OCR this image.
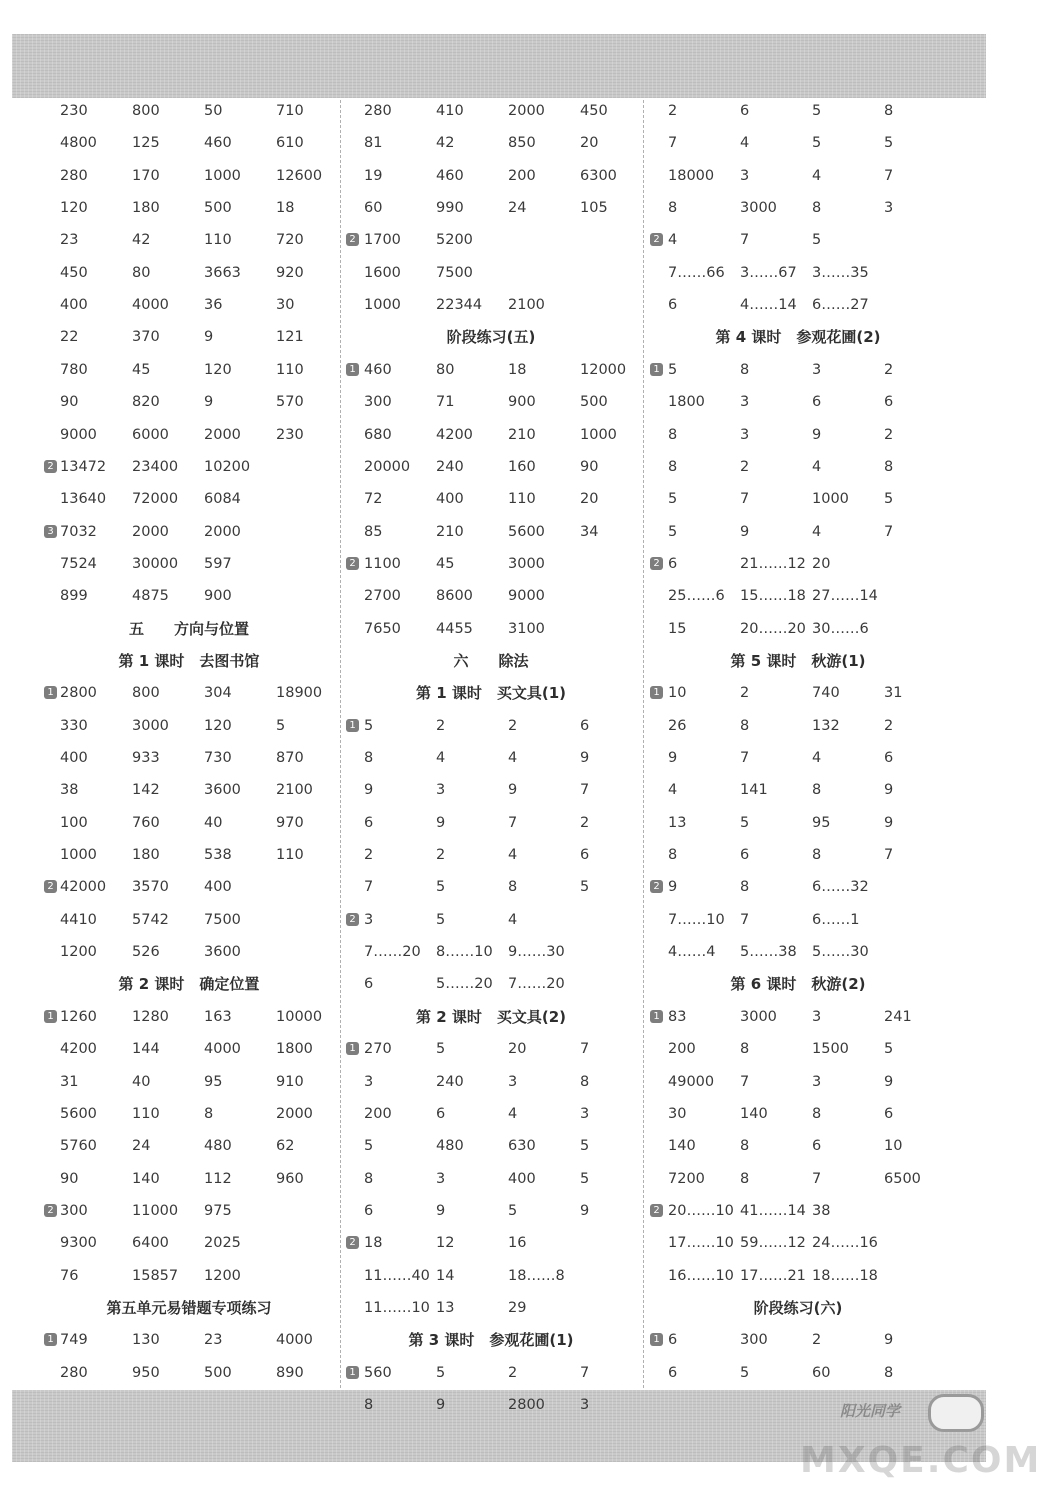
阳光同学
MXQE.COM
230	800	50	710
4800 125	460	610
280	170	1000 12600
120	180	500	18
23	42	110	720
450	80	3663 920
400	4000 36	30
22	370	9	121
780	45	120	110
90	820	9	570
9000 6000 2000 230
2 13472 23400 10200
13640 72000 6084
3 7032 2000 2000
7524 30000 597
899	4875 900
五　　方向与位置
第 1 课时　去图书馆
1 2800 800	304	18900
330	3000 120	5
400	933	730	870
38	142	3600 2100
100	760	40	970
1000 180	538	110
2 42000 3570 400
4410 5742 7500
1200 526	3600
第 2 课时　确定位置
1 1260 1280 163	10000
4200 144	4000 1800
31	40	95	910
5600 110	8	2000
5760 24	480	62
90	140	112	960
2 300	11000 975
9300 6400 2025
76	15857 1200
第五单元易错题专项练习
1 749	130	23	4000
280	950	500	890
280	410	2000 450
81	42	850	20
19	460	200	6300
60	990	24	105
2 1700 5200
1600 7500
1000 22344 2100
阶段练习(五)
1 460	80	18	12000
300	71	900	500
680	4200 210	1000
20000 240	160	90
72	400	110	20
85	210	5600 34
2 1100 45	3000
2700 8600 9000
7650 4455 3100
六　　除法
第 1 课时　买文具(1)
1 5	2	2	6
8	4	4	9
9	3	9	7
6	9	7	2
2	2	4	6
7	5	8	5
2 3	5	4
7……20 8……10 9……30
6	5……20 7……20
第 2 课时　买文具(2)
1 270	5	20	7
3	240	3	8
200	6	4	3
5	480	630	5
8	3	400	5
6	9	5	9
2 18	12	16
11……40 14	18……8
11……10 13	29
第 3 课时　参观花圃(1)
1 560	5	2	7
8	9	2800 3
2	6	5	8
7	4	5	5
18000 3	4	7
8	3000 8	3
2 4	7	5
7……66 3……67 3……35
6	4……14 6……27
第 4 课时　参观花圃(2)
1 5	8	3	2
1800 3	6	6
8	3	9	2
8	2	4	8
5	7	1000 5
5	9	4	7
2 6	21……12 20
25……6 15……18 27……14
15	20……20 30……6
第 5 课时　秋游(1)
1 10	2	740	31
26	8	132	2
9	7	4	6
4	141	8	9
13	5	95	9
8	6	8	7
2 9	8	6……32
7……10 7	6……1
4……4 5……38 5……30
第 6 课时　秋游(2)
1 83	3000 3	241
200	8	1500 5
49000 7	3	9
30	140	8	6
140	8	6	10
7200 8	7	6500
2 20……10 41……14 38
17……10 59……12 24……16
16……10 17……21 18……18
阶段练习(六)
1 6	300	2	9
6	5	60	8
